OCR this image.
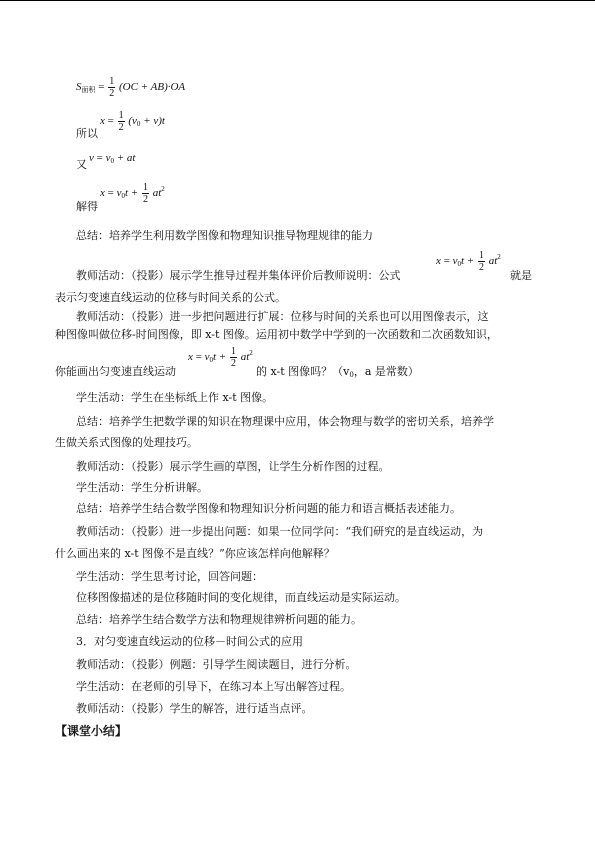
$S_{面积} = \frac{1}{2} (OC + AB)\cdot OA$
所以
$x = \frac{1}{2} (v_0 + v)t$
又 $v = v_0$ + at
解得
$x = v_0t + \frac{1}{2} at^2$
总结：培养学生利用数学图像和物理知识推导物理规律的能力
教师活动：（投影）展示学生推导过程并集体评价后教师说明：公式
$x = v_0t + \frac{1}{2} at^2$
就是
表示匀变速直线运动的位移与时间关系的公式。
教师活动：（投影）进一步把问题进行扩展：位移与时间的关系也可以用图像表示，这
种图像叫做位移-时间图像，即 x-t 图像。运用初中数学中学到的一次函数和二次函数知识，
你能画出匀变速直线运动
$x = v_0t + \frac{1}{2} at^2$
的 x-t 图像吗？（$v_0$，a 是常数）
学生活动：学生在坐标纸上作 x-t 图像。
总结：培养学生把数学课的知识在物理课中应用，体会物理与数学的密切关系，培养学
生做关系式图像的处理技巧。
教师活动：（投影）展示学生画的草图，让学生分析作图的过程。
学生活动：学生分析讲解。
总结：培养学生结合数学图像和物理知识分析问题的能力和语言概括表述能力。
教师活动：（投影）进一步提出问题：如果一位同学问：“我们研究的是直线运动，为
什么画出来的 x-t 图像不是直线？”你应该怎样向他解释？
学生活动：学生思考讨论，回答问题：
位移图像描述的是位移随时间的变化规律，而直线运动是实际运动。
总结：培养学生结合数学方法和物理规律辨析问题的能力。
3．对匀变速直线运动的位移－时间公式的应用
教师活动：（投影）例题：引导学生阅读题目，进行分析。
学生活动：在老师的引导下，在练习本上写出解答过程。
教师活动：（投影）学生的解答，进行适当点评。
【课堂小结】
